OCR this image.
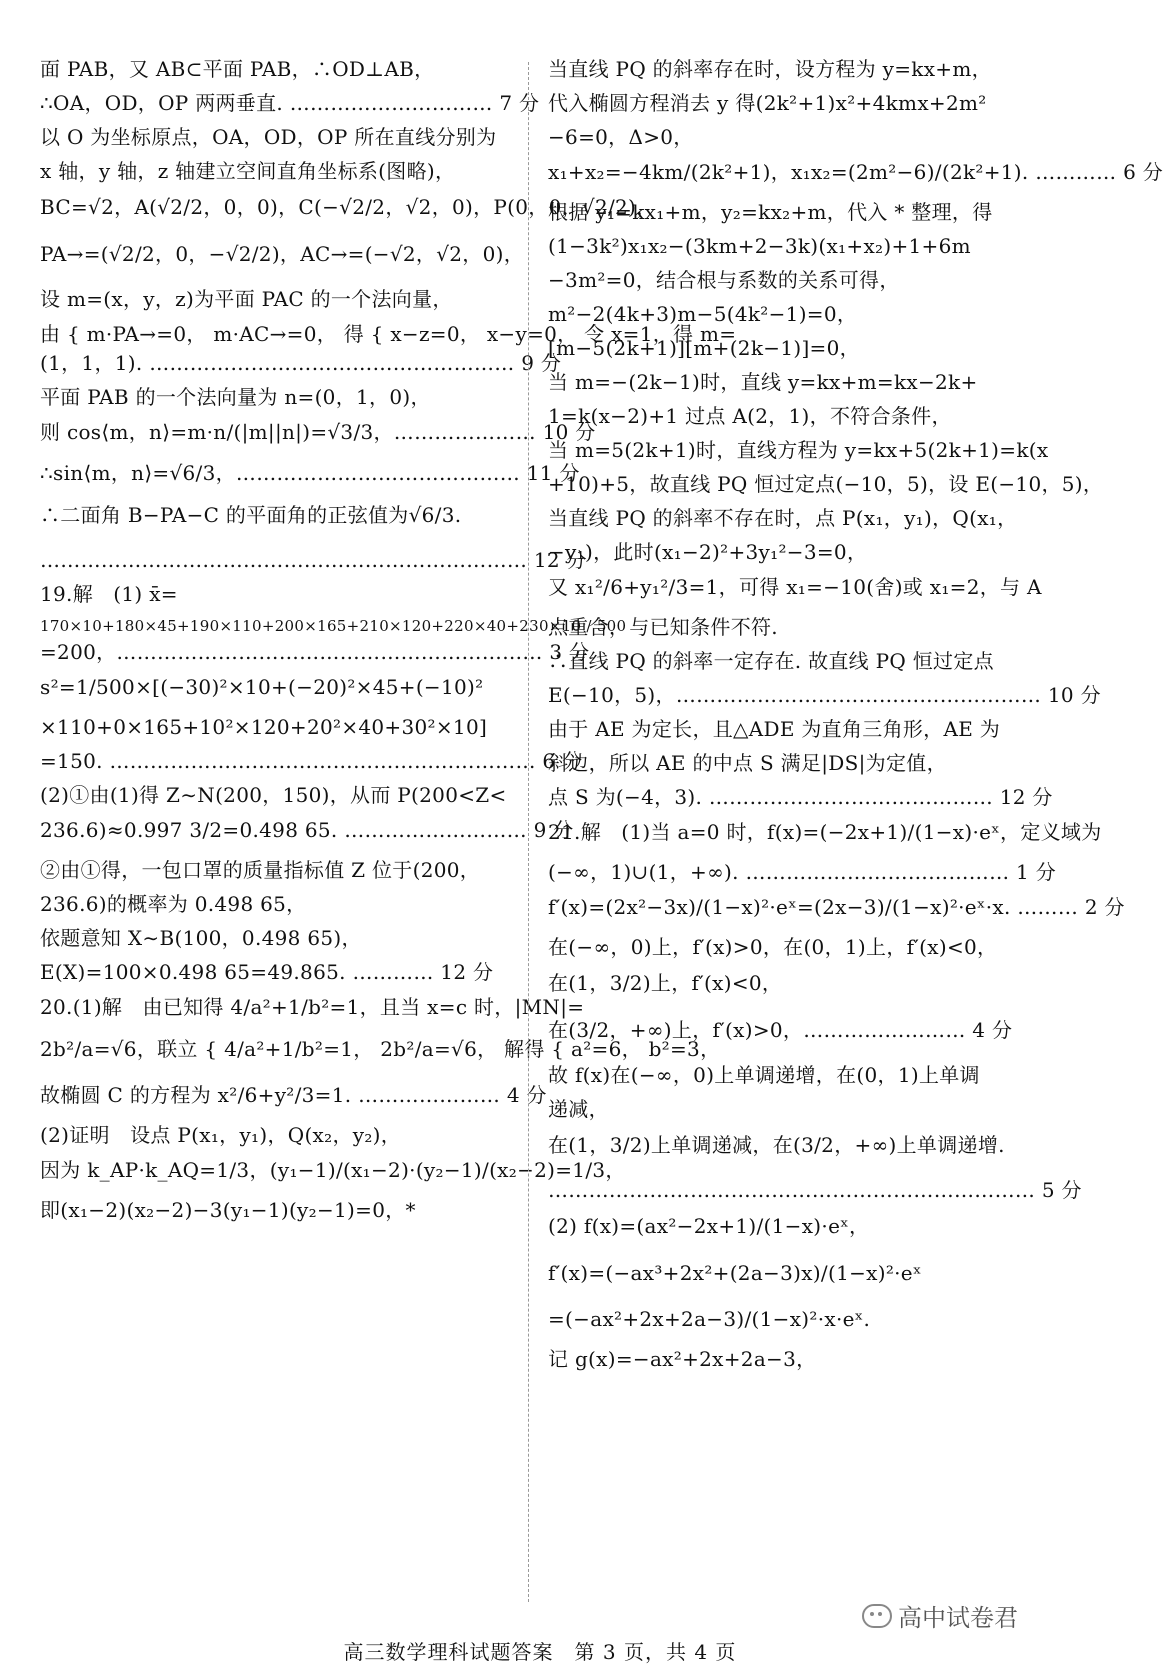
面 PAB，又 AB⊂平面 PAB，∴OD⊥AB，
∴OA，OD，OP 两两垂直. ………………………… 7 分
以 O 为坐标原点，OA，OD，OP 所在直线分别为
x 轴，y 轴，z 轴建立空间直角坐标系(图略)，
BC=√2，A(√2/2，0，0)，C(−√2/2，√2，0)，P(0，0，√2/2)，
PA→=(√2/2，0，−√2/2)，AC→=(−√2，√2，0)，
设 m=(x，y，z)为平面 PAC 的一个法向量，
由 { m·PA→=0， m·AC→=0， 得 { x−z=0， x−y=0， 令 x=1，得 m=
(1，1，1). ……………………………………………… 9 分
平面 PAB 的一个法向量为 n=(0，1，0)，
则 cos⟨m，n⟩=m·n/(|m||n|)=√3/3，………………… 10 分
∴sin⟨m，n⟩=√6/3，…………………………………… 11 分
∴二面角 B−PA−C 的平面角的正弦值为√6/3.
……………………………………………………………… 12 分
19.解　(1) x̄=
170×10+180×45+190×110+200×165+210×120+220×40+230×10 / 500
=200，……………………………………………………… 3 分
s²=1/500×[(−30)²×10+(−20)²×45+(−10)²
×110+0×165+10²×120+20²×40+30²×10]
=150. ……………………………………………………… 6 分
(2)①由(1)得 Z∼N(200，150)，从而 P(200<Z<
236.6)≈0.997 3/2=0.498 65. ……………………… 9 分
②由①得，一包口罩的质量指标值 Z 位于(200，
236.6)的概率为 0.498 65，
依题意知 X∼B(100，0.498 65)，
E(X)=100×0.498 65=49.865. ………… 12 分
20.(1)解　由已知得 4/a²+1/b²=1，且当 x=c 时，|MN|=
2b²/a=√6，联立 { 4/a²+1/b²=1， 2b²/a=√6， 解得 { a²=6， b²=3，
故椭圆 C 的方程为 x²/6+y²/3=1. ………………… 4 分
(2)证明　设点 P(x₁，y₁)，Q(x₂，y₂)，
因为 k_AP·k_AQ=1/3，(y₁−1)/(x₁−2)·(y₂−1)/(x₂−2)=1/3，
即(x₁−2)(x₂−2)−3(y₁−1)(y₂−1)=0，*
当直线 PQ 的斜率存在时，设方程为 y=kx+m，
代入椭圆方程消去 y 得(2k²+1)x²+4kmx+2m²
−6=0，Δ>0，
x₁+x₂=−4km/(2k²+1)，x₁x₂=(2m²−6)/(2k²+1). ………… 6 分
根据 y₁=kx₁+m，y₂=kx₂+m，代入 * 整理，得
(1−3k²)x₁x₂−(3km+2−3k)(x₁+x₂)+1+6m
−3m²=0，结合根与系数的关系可得，
m²−2(4k+3)m−5(4k²−1)=0，
[m−5(2k+1)][m+(2k−1)]=0，
当 m=−(2k−1)时，直线 y=kx+m=kx−2k+
1=k(x−2)+1 过点 A(2，1)，不符合条件，
当 m=5(2k+1)时，直线方程为 y=kx+5(2k+1)=k(x
+10)+5，故直线 PQ 恒过定点(−10，5)，设 E(−10，5)，
当直线 PQ 的斜率不存在时，点 P(x₁，y₁)，Q(x₁，
−y₁)，此时(x₁−2)²+3y₁²−3=0，
又 x₁²/6+y₁²/3=1，可得 x₁=−10(舍)或 x₁=2，与 A
点重合，与已知条件不符.
∴直线 PQ 的斜率一定存在. 故直线 PQ 恒过定点
E(−10，5)，……………………………………………… 10 分
由于 AE 为定长，且△ADE 为直角三角形，AE 为
斜边，所以 AE 的中点 S 满足|DS|为定值，
点 S 为(−4，3). …………………………………… 12 分
21.解　(1)当 a=0 时，f(x)=(−2x+1)/(1−x)·eˣ，定义域为
(−∞，1)∪(1，+∞). ………………………………… 1 分
f′(x)=(2x²−3x)/(1−x)²·eˣ=(2x−3)/(1−x)²·eˣ·x. ……… 2 分
在(−∞，0)上，f′(x)>0，在(0，1)上，f′(x)<0，
在(1，3/2)上，f′(x)<0，
在(3/2，+∞)上，f′(x)>0，…………………… 4 分
故 f(x)在(−∞，0)上单调递增，在(0，1)上单调
递减，
在(1，3/2)上单调递减，在(3/2，+∞)上单调递增.
……………………………………………………………… 5 分
(2) f(x)=(ax²−2x+1)/(1−x)·eˣ，
f′(x)=(−ax³+2x²+(2a−3)x)/(1−x)²·eˣ
=(−ax²+2x+2a−3)/(1−x)²·x·eˣ.
记 g(x)=−ax²+2x+2a−3，
高三数学理科试题答案　第 3 页，共 4 页
高中试卷君
